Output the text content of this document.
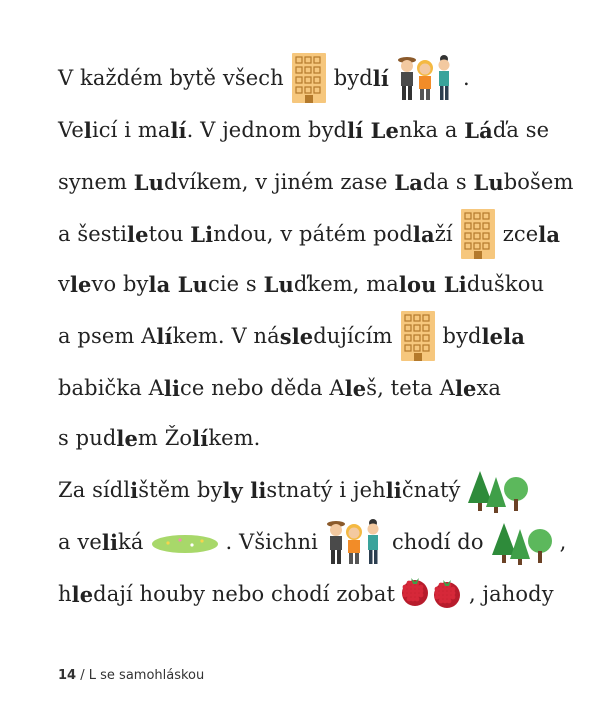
V každém bytě všech byd lí	.
Ve l icí i ma lí . V jednom byd lí Le nka a Lá ďa se
synem Lu dvíkem, v jiném zase La da s Lu bošem
a šesti le tou Li ndou, v pátém pod la ží zce la
v le vo by la Lu cie s Lu ďkem, ma lou Li duškou
a psem A lí kem. V ná sle dujícím byd lela
babička A li ce nebo děda A le š, teta A le xa
s pud le m Žo lí kem.
Za sídl i štěm by ly li stnatý i jeh li čnatý
a ve li ká	. Všichni	chodí do	,
h le dají houby nebo chodí zobat	, jahody
14 / L se samohláskou
